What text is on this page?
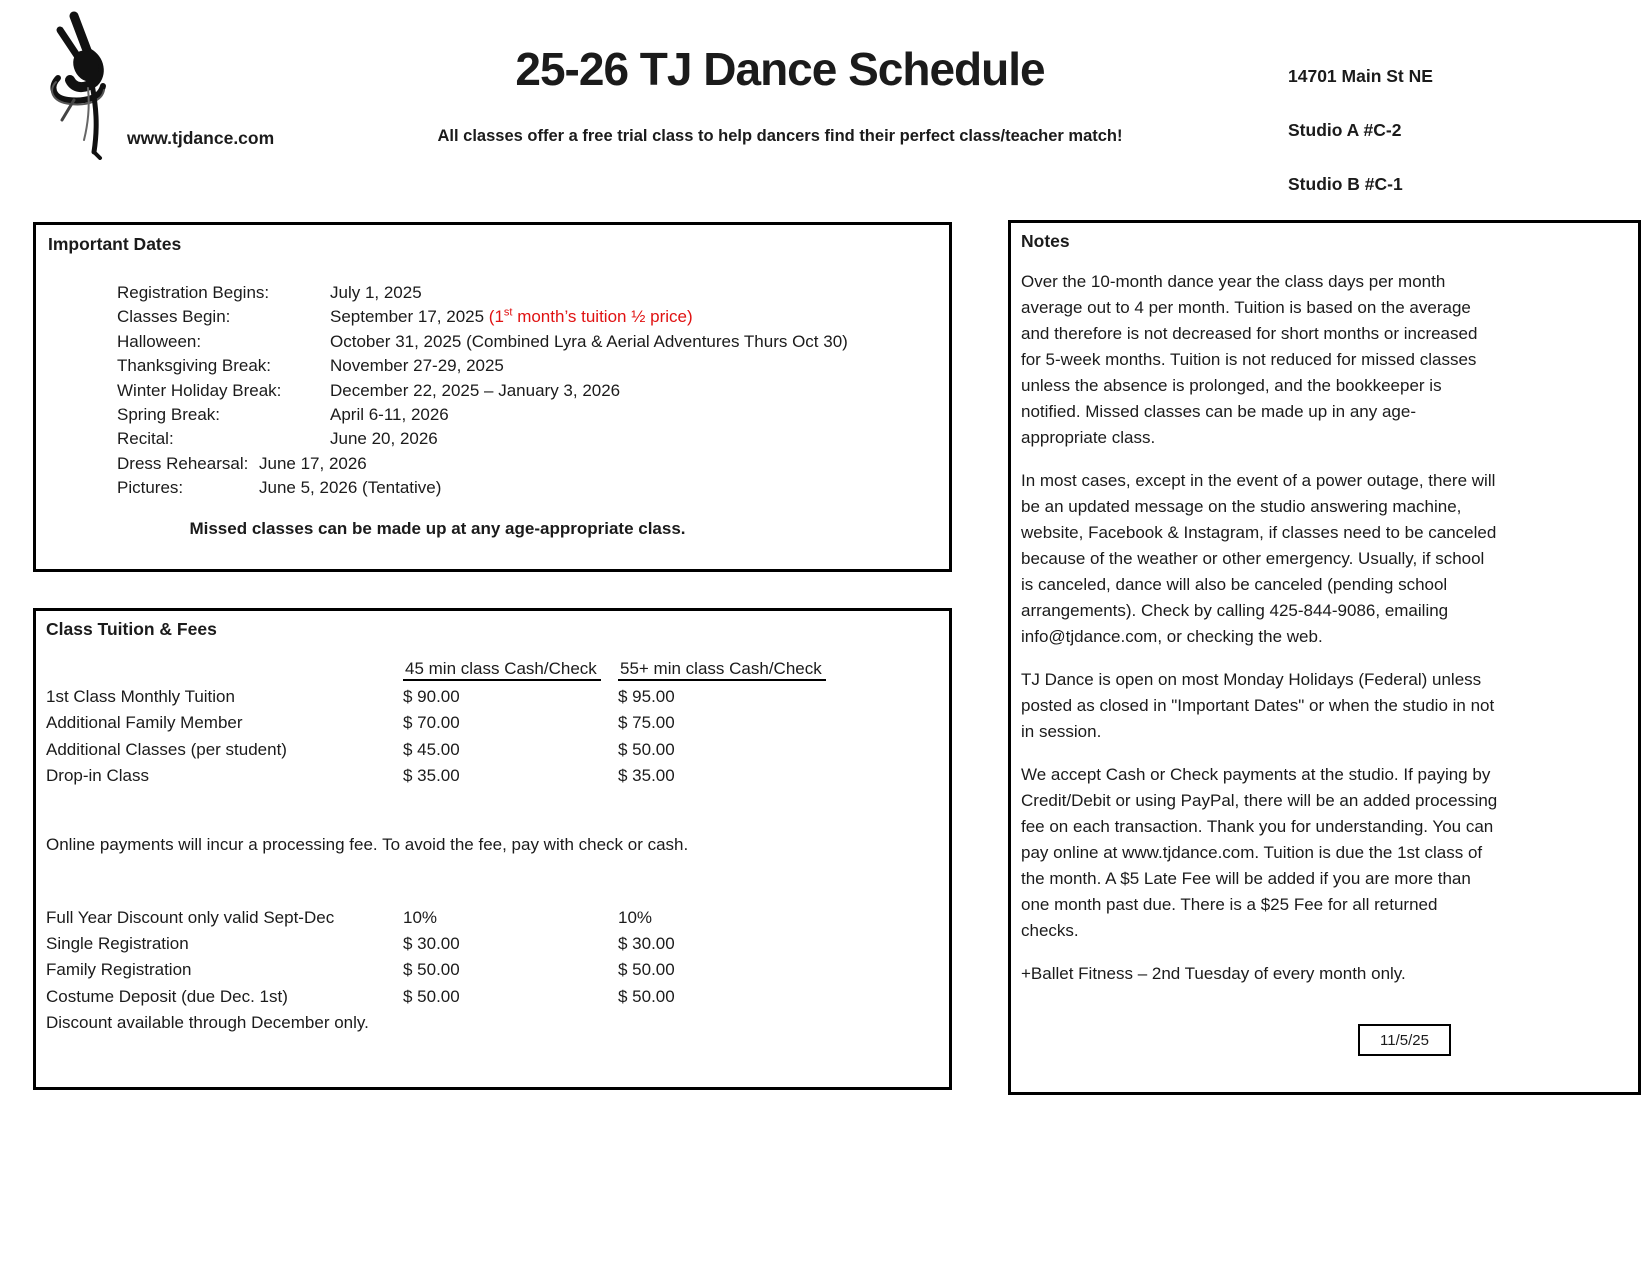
www.tjdance.com
25-26 TJ Dance Schedule
All classes offer a free trial class to help dancers find their perfect class/teacher match!

14701 Main St NE

Studio A #C-2

Studio B #C-1

Important Dates
Registration Begins:	July 1, 2025
Classes Begin:	September 17, 2025 (1st month’s tuition ½ price)
Halloween:	October 31, 2025 (Combined Lyra & Aerial Adventures Thurs Oct 30)
Thanksgiving Break:	November 27-29, 2025
Winter Holiday Break:	December 22, 2025 – January 3, 2026
Spring Break:	April 6-11, 2026
Recital:	June 20, 2026
Dress Rehearsal: June 17, 2026
Pictures:	June 5, 2026 (Tentative)
Missed classes can be made up at any age-appropriate class.
Class Tuition & Fees
45 min class Cash/Check	55+ min class Cash/Check
1st Class Monthly Tuition	$ 90.00	$ 95.00
Additional Family Member	$ 70.00	$ 75.00
Additional Classes (per student)	$ 45.00	$ 50.00
Drop-in Class	$ 35.00	$ 35.00
Online payments will incur a processing fee. To avoid the fee, pay with check or cash.
Full Year Discount only valid Sept-Dec	10%	10%
Single Registration	$ 30.00	$ 30.00
Family Registration	$ 50.00	$ 50.00
Costume Deposit (due Dec. 1st)	$ 50.00	$ 50.00
Discount available through December only.
Notes

Over the 10-month dance year the class days per month average out to 4 per month. Tuition is based on the average and therefore is not decreased for short months or increased for 5-week months. Tuition is not reduced for missed classes unless the absence is prolonged, and the bookkeeper is notified. Missed classes can be made up in any age-appropriate class.

In most cases, except in the event of a power outage, there will be an updated message on the studio answering machine, website, Facebook & Instagram, if classes need to be canceled because of the weather or other emergency. Usually, if school is canceled, dance will also be canceled (pending school arrangements). Check by calling 425-844-9086, emailing info@tjdance.com, or checking the web.

TJ Dance is open on most Monday Holidays (Federal) unless posted as closed in "Important Dates" or when the studio in not in session.

We accept Cash or Check payments at the studio. If paying by Credit/Debit or using PayPal, there will be an added processing fee on each transaction. Thank you for understanding. You can pay online at www.tjdance.com. Tuition is due the 1st class of the month. A $5 Late Fee will be added if you are more than one month past due. There is a $25 Fee for all returned checks.

+Ballet Fitness – 2nd Tuesday of every month only.

11/5/25
